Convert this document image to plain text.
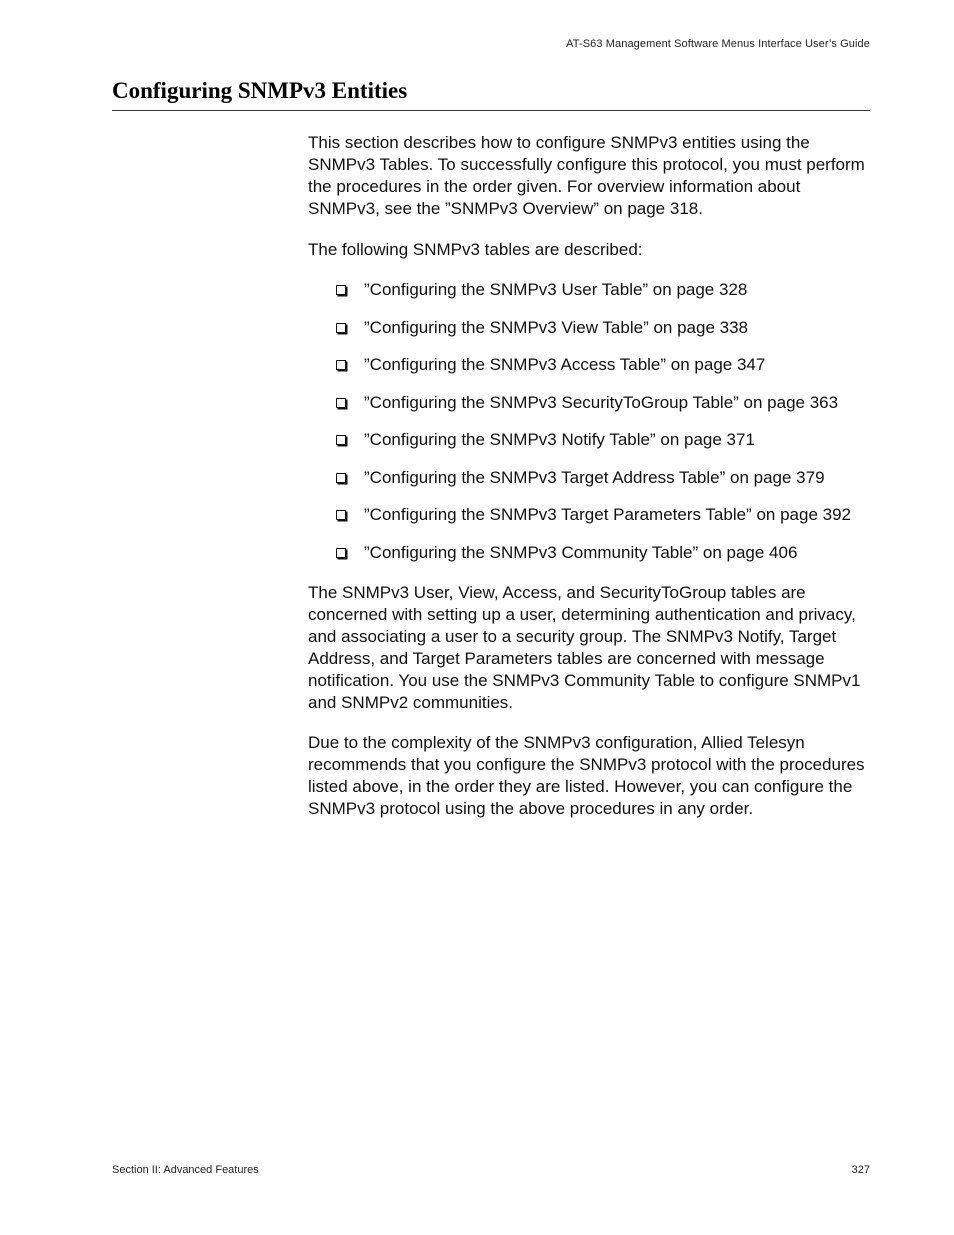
AT-S63 Management Software Menus Interface User’s Guide
Configuring SNMPv3 Entities

This section describes how to configure SNMPv3 entities using the SNMPv3 Tables. To successfully configure this protocol, you must perform the procedures in the order given. For overview information about SNMPv3, see the ”SNMPv3 Overview” on page 318.

The following SNMPv3 tables are described:

”Configuring the SNMPv3 User Table” on page 328
”Configuring the SNMPv3 View Table” on page 338
”Configuring the SNMPv3 Access Table” on page 347
”Configuring the SNMPv3 SecurityToGroup Table” on page 363
”Configuring the SNMPv3 Notify Table” on page 371
”Configuring the SNMPv3 Target Address Table” on page 379
”Configuring the SNMPv3 Target Parameters Table” on page 392
”Configuring the SNMPv3 Community Table” on page 406

The SNMPv3 User, View, Access, and SecurityToGroup tables are concerned with setting up a user, determining authentication and privacy, and associating a user to a security group. The SNMPv3 Notify, Target Address, and Target Parameters tables are concerned with message notification. You use the SNMPv3 Community Table to configure SNMPv1 and SNMPv2 communities.

Due to the complexity of the SNMPv3 configuration, Allied Telesyn recommends that you configure the SNMPv3 protocol with the procedures listed above, in the order they are listed. However, you can configure the SNMPv3 protocol using the above procedures in any order.

Section II: Advanced Features	327
